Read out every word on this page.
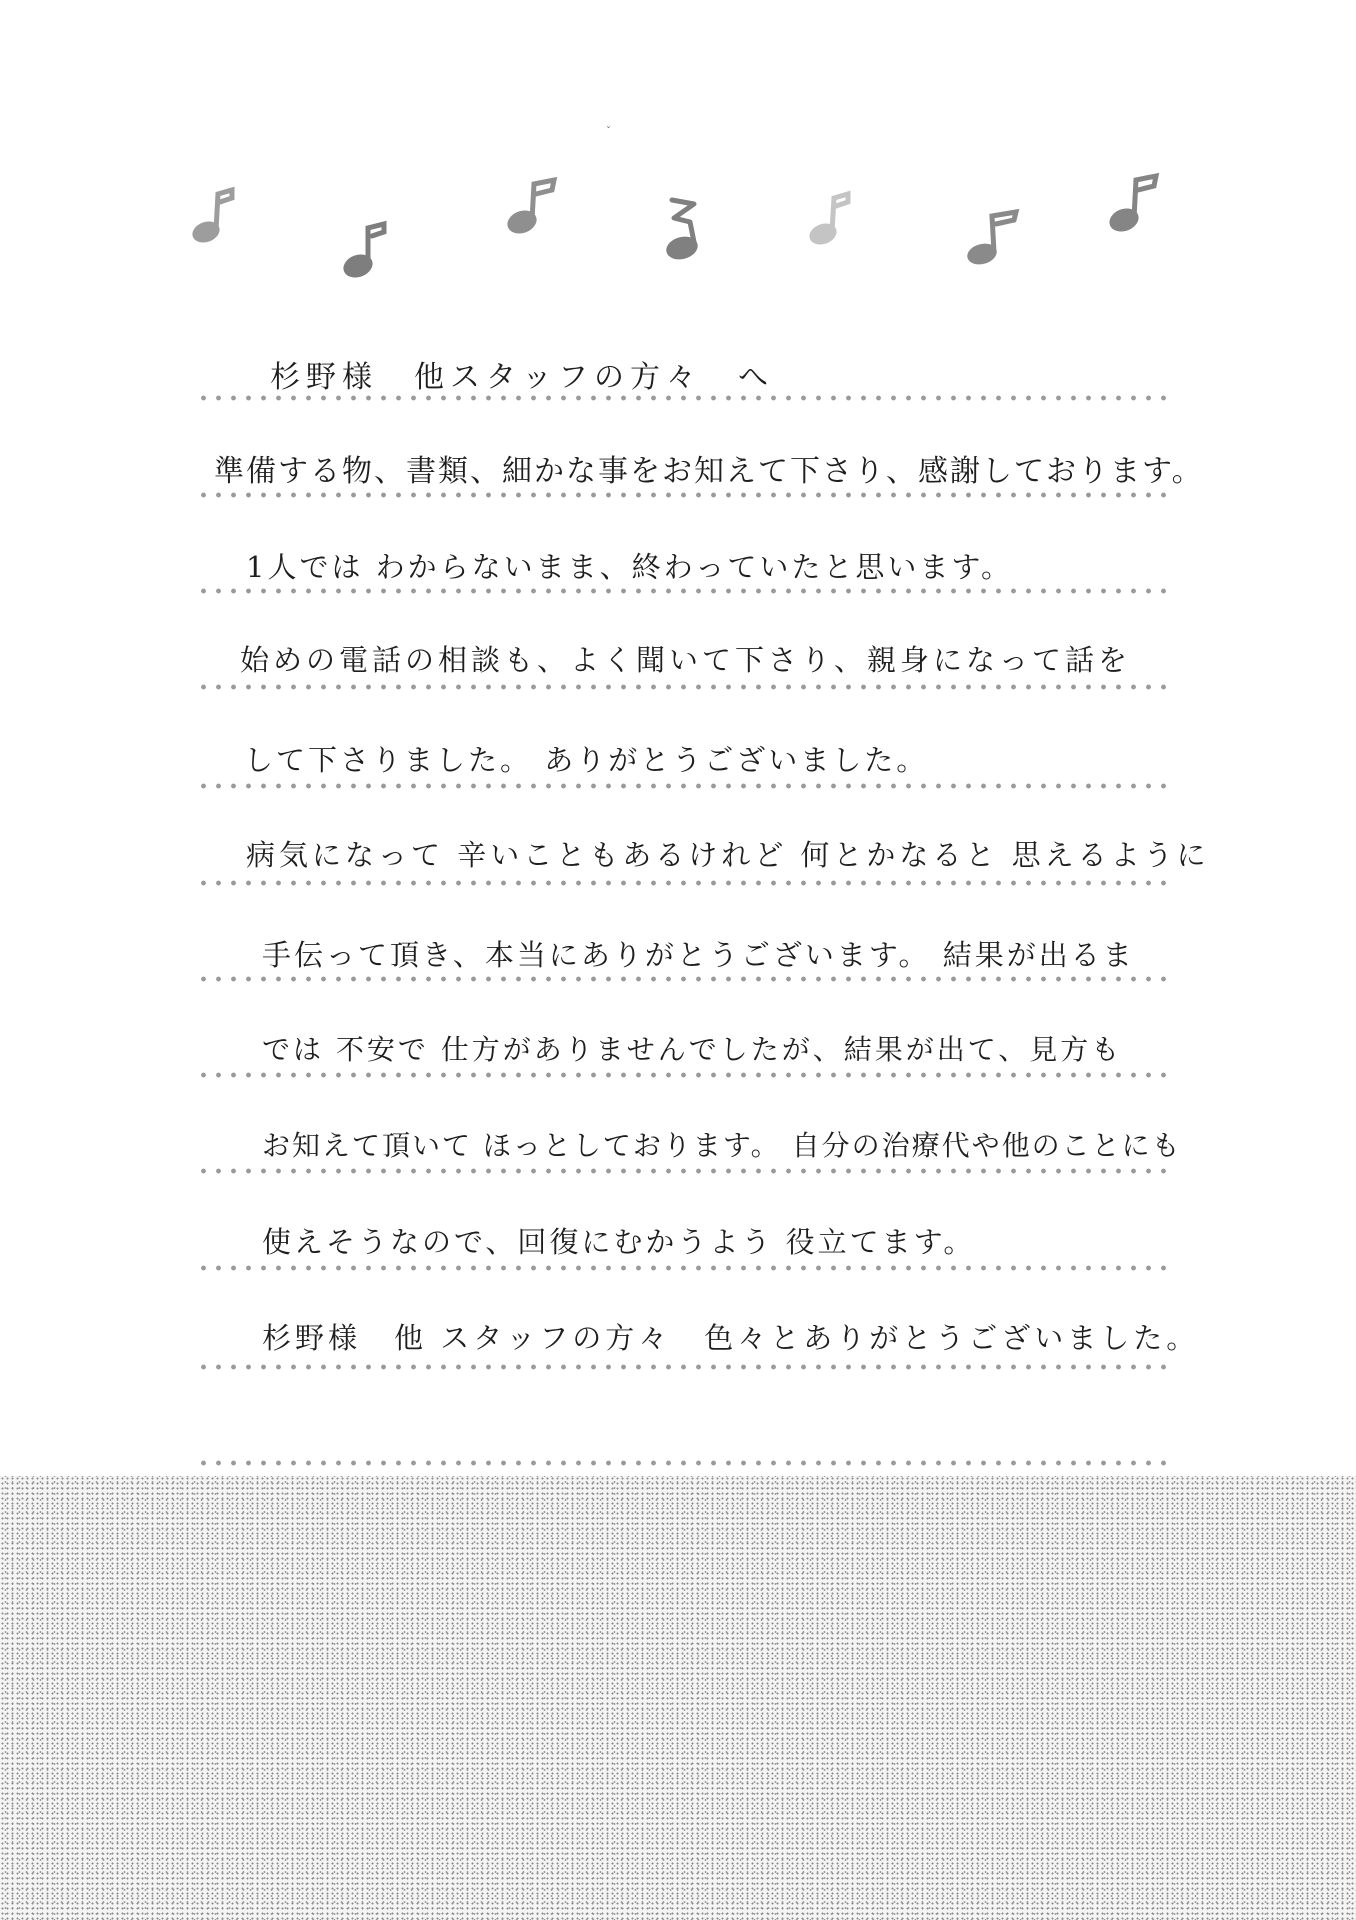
ˇ
杉野様　他スタッフの方々　へ
準備する物、書類、細かな事をお知えて下さり、感謝しております。
1人では わからないまま、終わっていたと思います。
始めの電話の相談も、よく聞いて下さり、親身になって話を
して下さりました。 ありがとうございました。
病気になって 辛いこともあるけれど 何とかなると 思えるように
手伝って頂き、本当にありがとうございます。 結果が出るま
では 不安で 仕方がありませんでしたが、結果が出て、見方も
お知えて頂いて ほっとしております。 自分の治療代や他のことにも
使えそうなので、回復にむかうよう 役立てます。
杉野様　他 スタッフの方々　色々とありがとうございました。
